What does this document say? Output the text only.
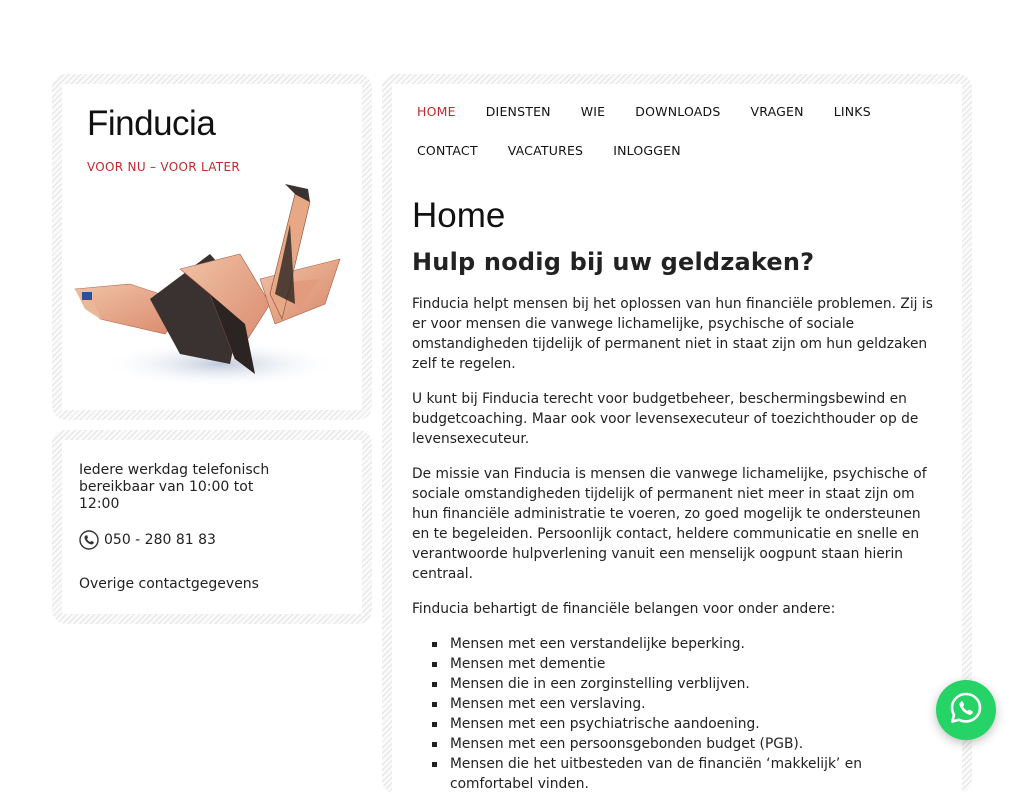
Finducia
VOOR NU – VOOR LATER
Iedere werkdag telefonisch bereikbaar van 10:00 tot 12:00
050 - 280 81 83
Overige contactgegevens
HOME DIENSTEN WIE DOWNLOADS VRAGEN LINKS
CONTACT VACATURES INLOGGEN
Home
Hulp nodig bij uw geldzaken?

Finducia helpt mensen bij het oplossen van hun financiële problemen. Zij is er voor mensen die vanwege lichamelijke, psychische of sociale omstandigheden tijdelijk of permanent niet in staat zijn om hun geldzaken zelf te regelen.

U kunt bij Finducia terecht voor budgetbeheer, beschermingsbewind en budgetcoaching. Maar ook voor levensexecuteur of toezichthouder op de levensexecuteur.

De missie van Finducia is mensen die vanwege lichamelijke, psychische of sociale omstandigheden tijdelijk of permanent niet meer in staat zijn om hun financiële administratie te voeren, zo goed mogelijk te ondersteunen en te begeleiden. Persoonlijk contact, heldere communicatie en snelle en verantwoorde hulpverlening vanuit een menselijk oogpunt staan hierin centraal.

Finducia behartigt de financiële belangen voor onder andere:

Mensen met een verstandelijke beperking.
Mensen met dementie
Mensen die in een zorginstelling verblijven.
Mensen met een verslaving.
Mensen met een psychiatrische aandoening.
Mensen met een persoonsgebonden budget (PGB).
Mensen die het uitbesteden van de financiën ‘makkelijk’ en comfortabel vinden.
